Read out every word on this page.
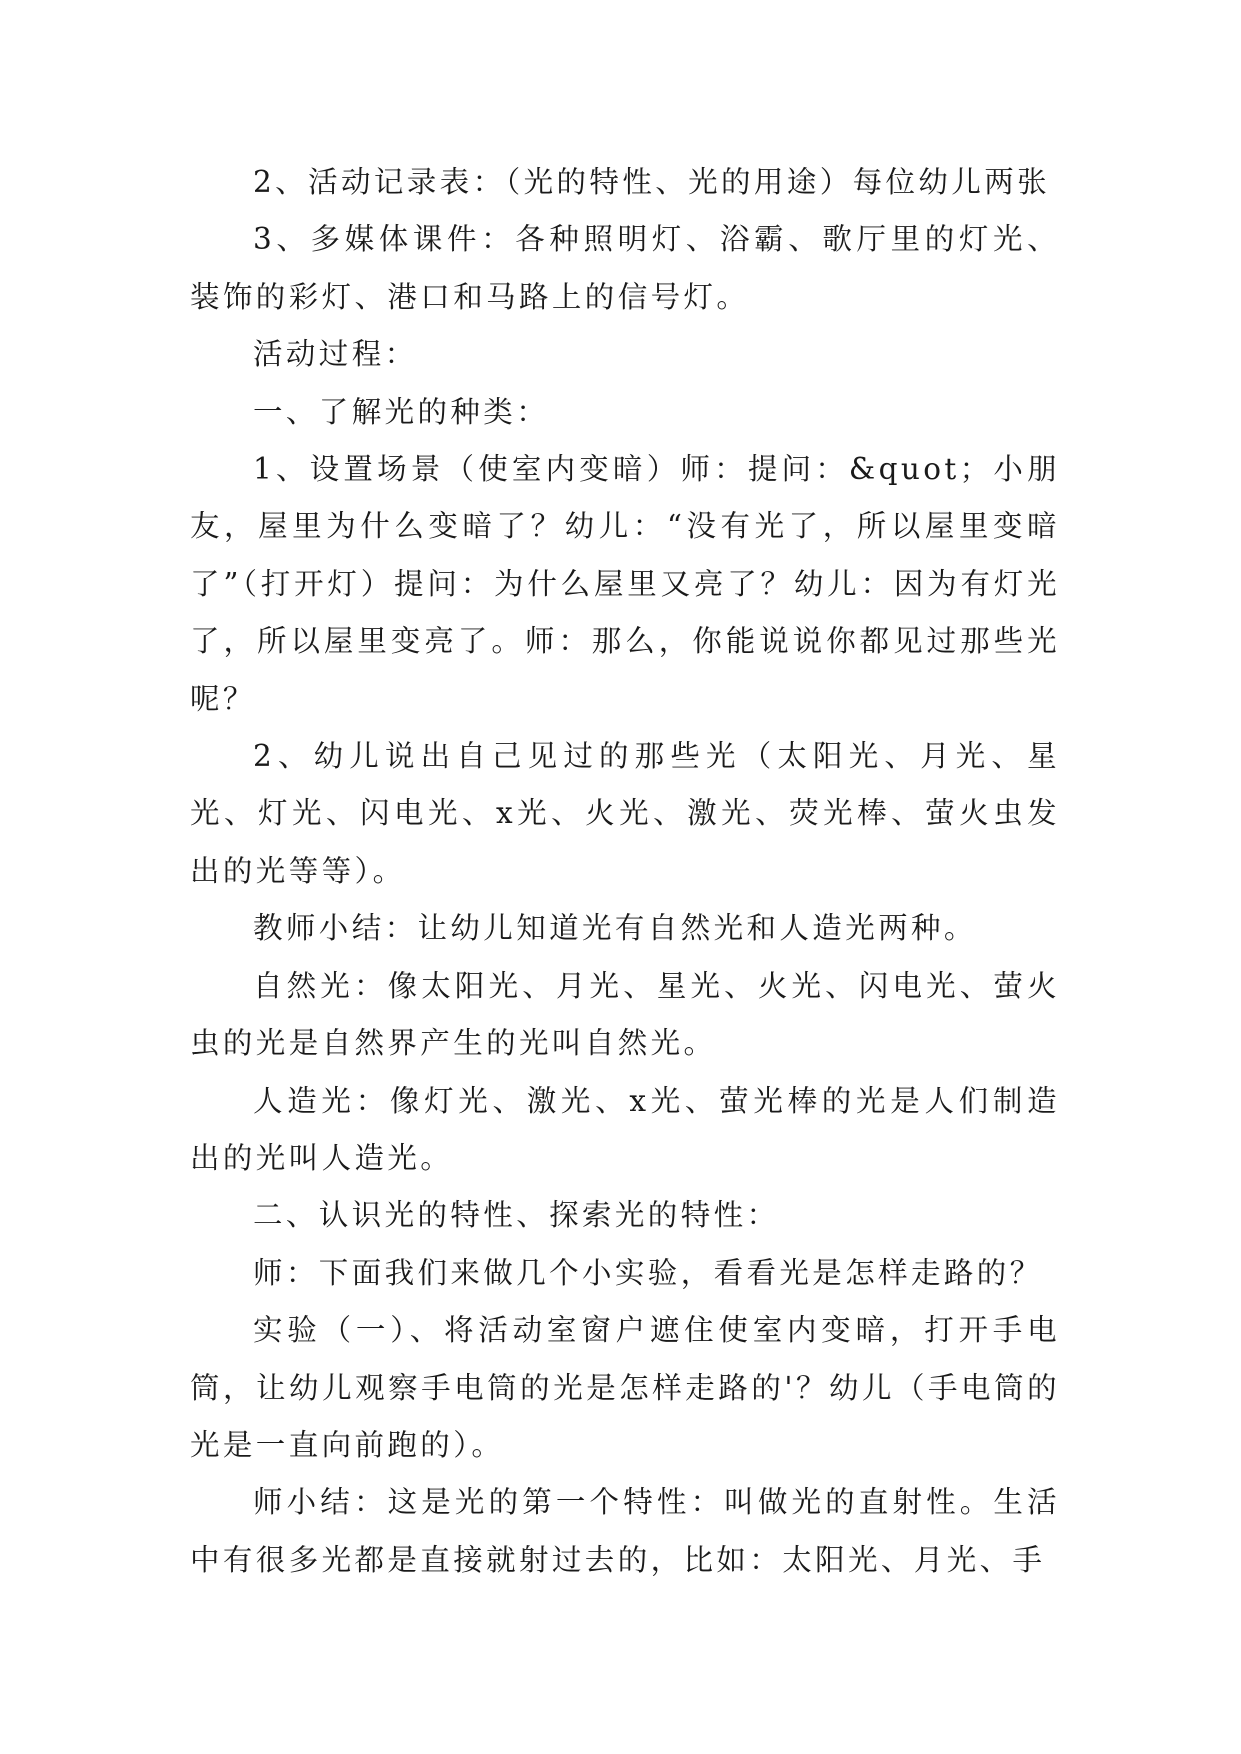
2、活动记录表：（光的特性、光的用途）每位幼儿两张

3、多媒体课件：各种照明灯、浴霸、歌厅里的灯光、装饰的彩灯、港口和马路上的信号灯。

活动过程：

一、了解光的种类：

1、设置场景（使室内变暗）师：提问：&quot；小朋友，屋里为什么变暗了？幼儿：“没有光了，所以屋里变暗了”（打开灯）提问：为什么屋里又亮了？幼儿：因为有灯光了，所以屋里变亮了。师：那么，你能说说你都见过那些光呢？

2、幼儿说出自己见过的那些光（太阳光、月光、星光、灯光、闪电光、x光、火光、激光、荧光棒、萤火虫发出的光等等）。

教师小结：让幼儿知道光有自然光和人造光两种。

自然光：像太阳光、月光、星光、火光、闪电光、萤火虫的光是自然界产生的光叫自然光。

人造光：像灯光、激光、x光、萤光棒的光是人们制造出的光叫人造光。

二、认识光的特性、探索光的特性：

师：下面我们来做几个小实验，看看光是怎样走路的？

实验（一）、将活动室窗户遮住使室内变暗，打开手电筒，让幼儿观察手电筒的光是怎样走路的'？幼儿（手电筒的光是一直向前跑的）。

师小结：这是光的第一个特性：叫做光的直射性。生活中有很多光都是直接就射过去的，比如：太阳光、月光、手
